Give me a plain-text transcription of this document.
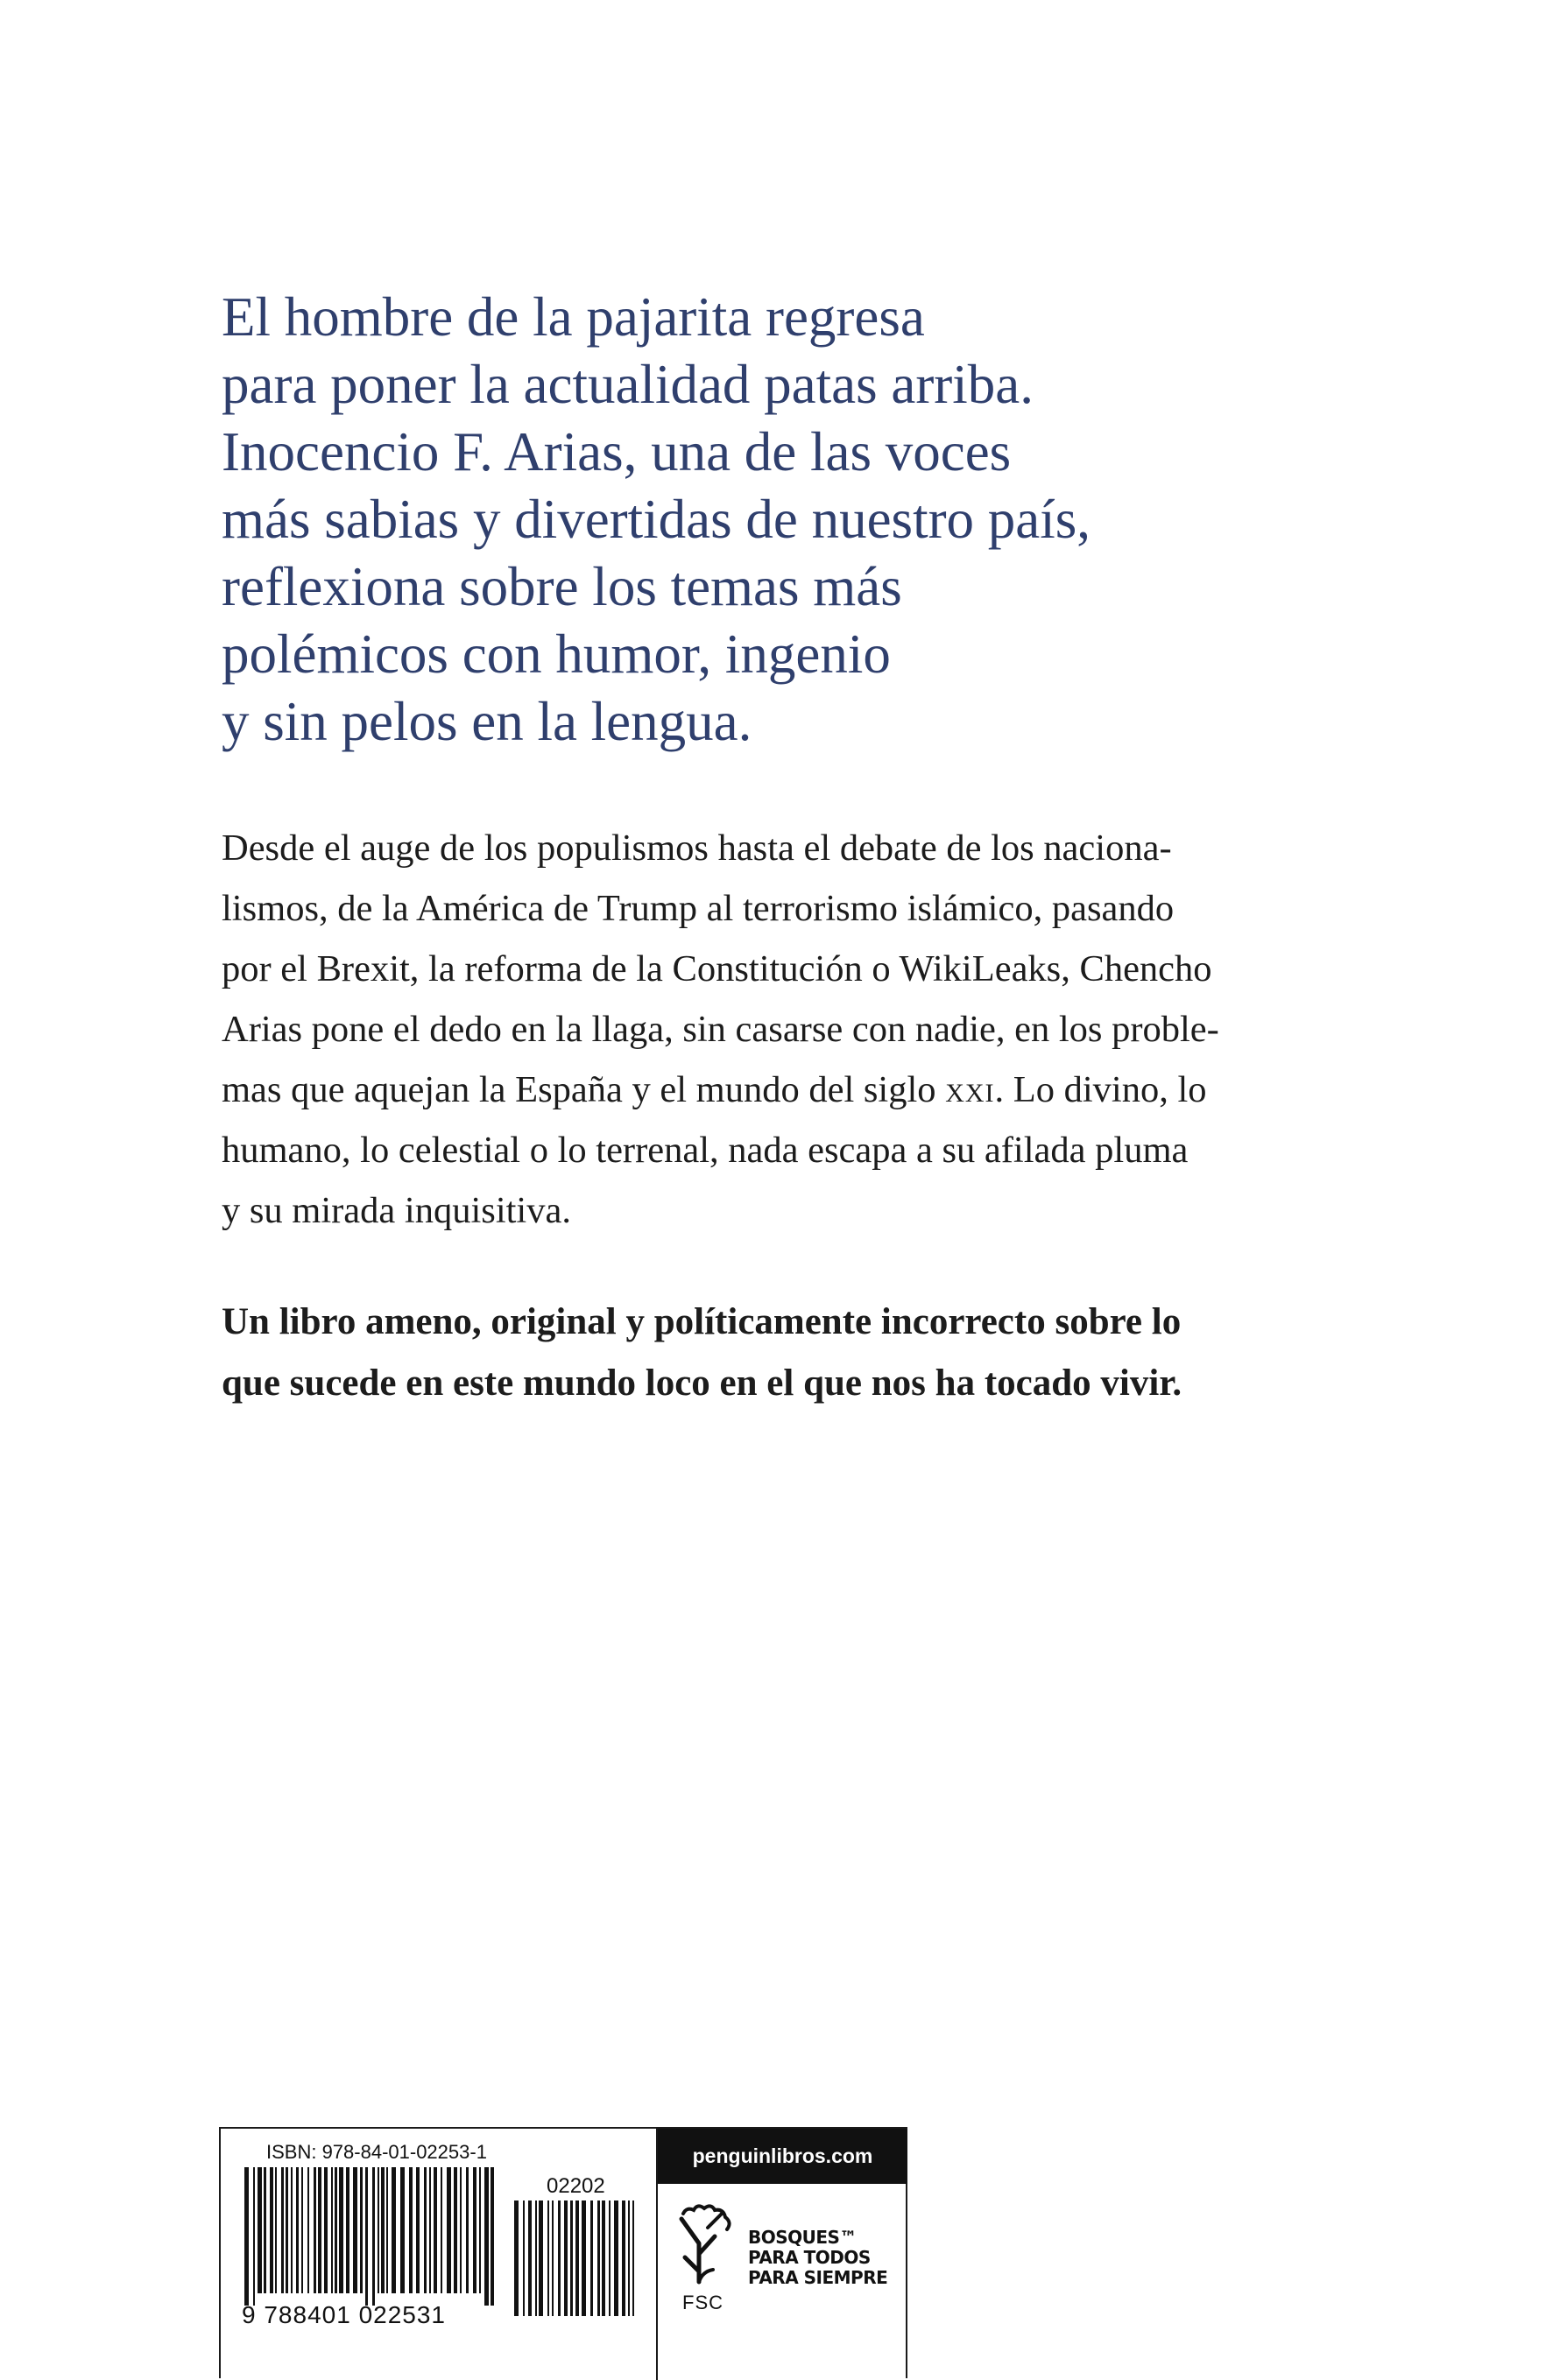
El hombre de la pajarita regresa
para poner la actualidad patas arriba.
Inocencio F. Arias, una de las voces
más sabias y divertidas de nuestro país,
reflexiona sobre los temas más
polémicos con humor, ingenio
y sin pelos en la lengua.
Desde el auge de los populismos hasta el debate de los naciona-
lismos, de la América de Trump al terrorismo islámico, pasando
por el Brexit, la reforma de la Constitución o WikiLeaks, Chencho
Arias pone el dedo en la llaga, sin casarse con nadie, en los proble-
mas que aquejan la España y el mundo del siglo xxi. Lo divino, lo
humano, lo celestial o lo terrenal, nada escapa a su afilada pluma
y su mirada inquisitiva.
Un libro ameno, original y políticamente incorrecto sobre lo
que sucede en este mundo loco en el que nos ha tocado vivir.
ISBN: 978-84-01-02253-1
9 788401 022531
02202
penguinlibros.com
FSC
BOSQUES™
PARA TODOS
PARA SIEMPRE
